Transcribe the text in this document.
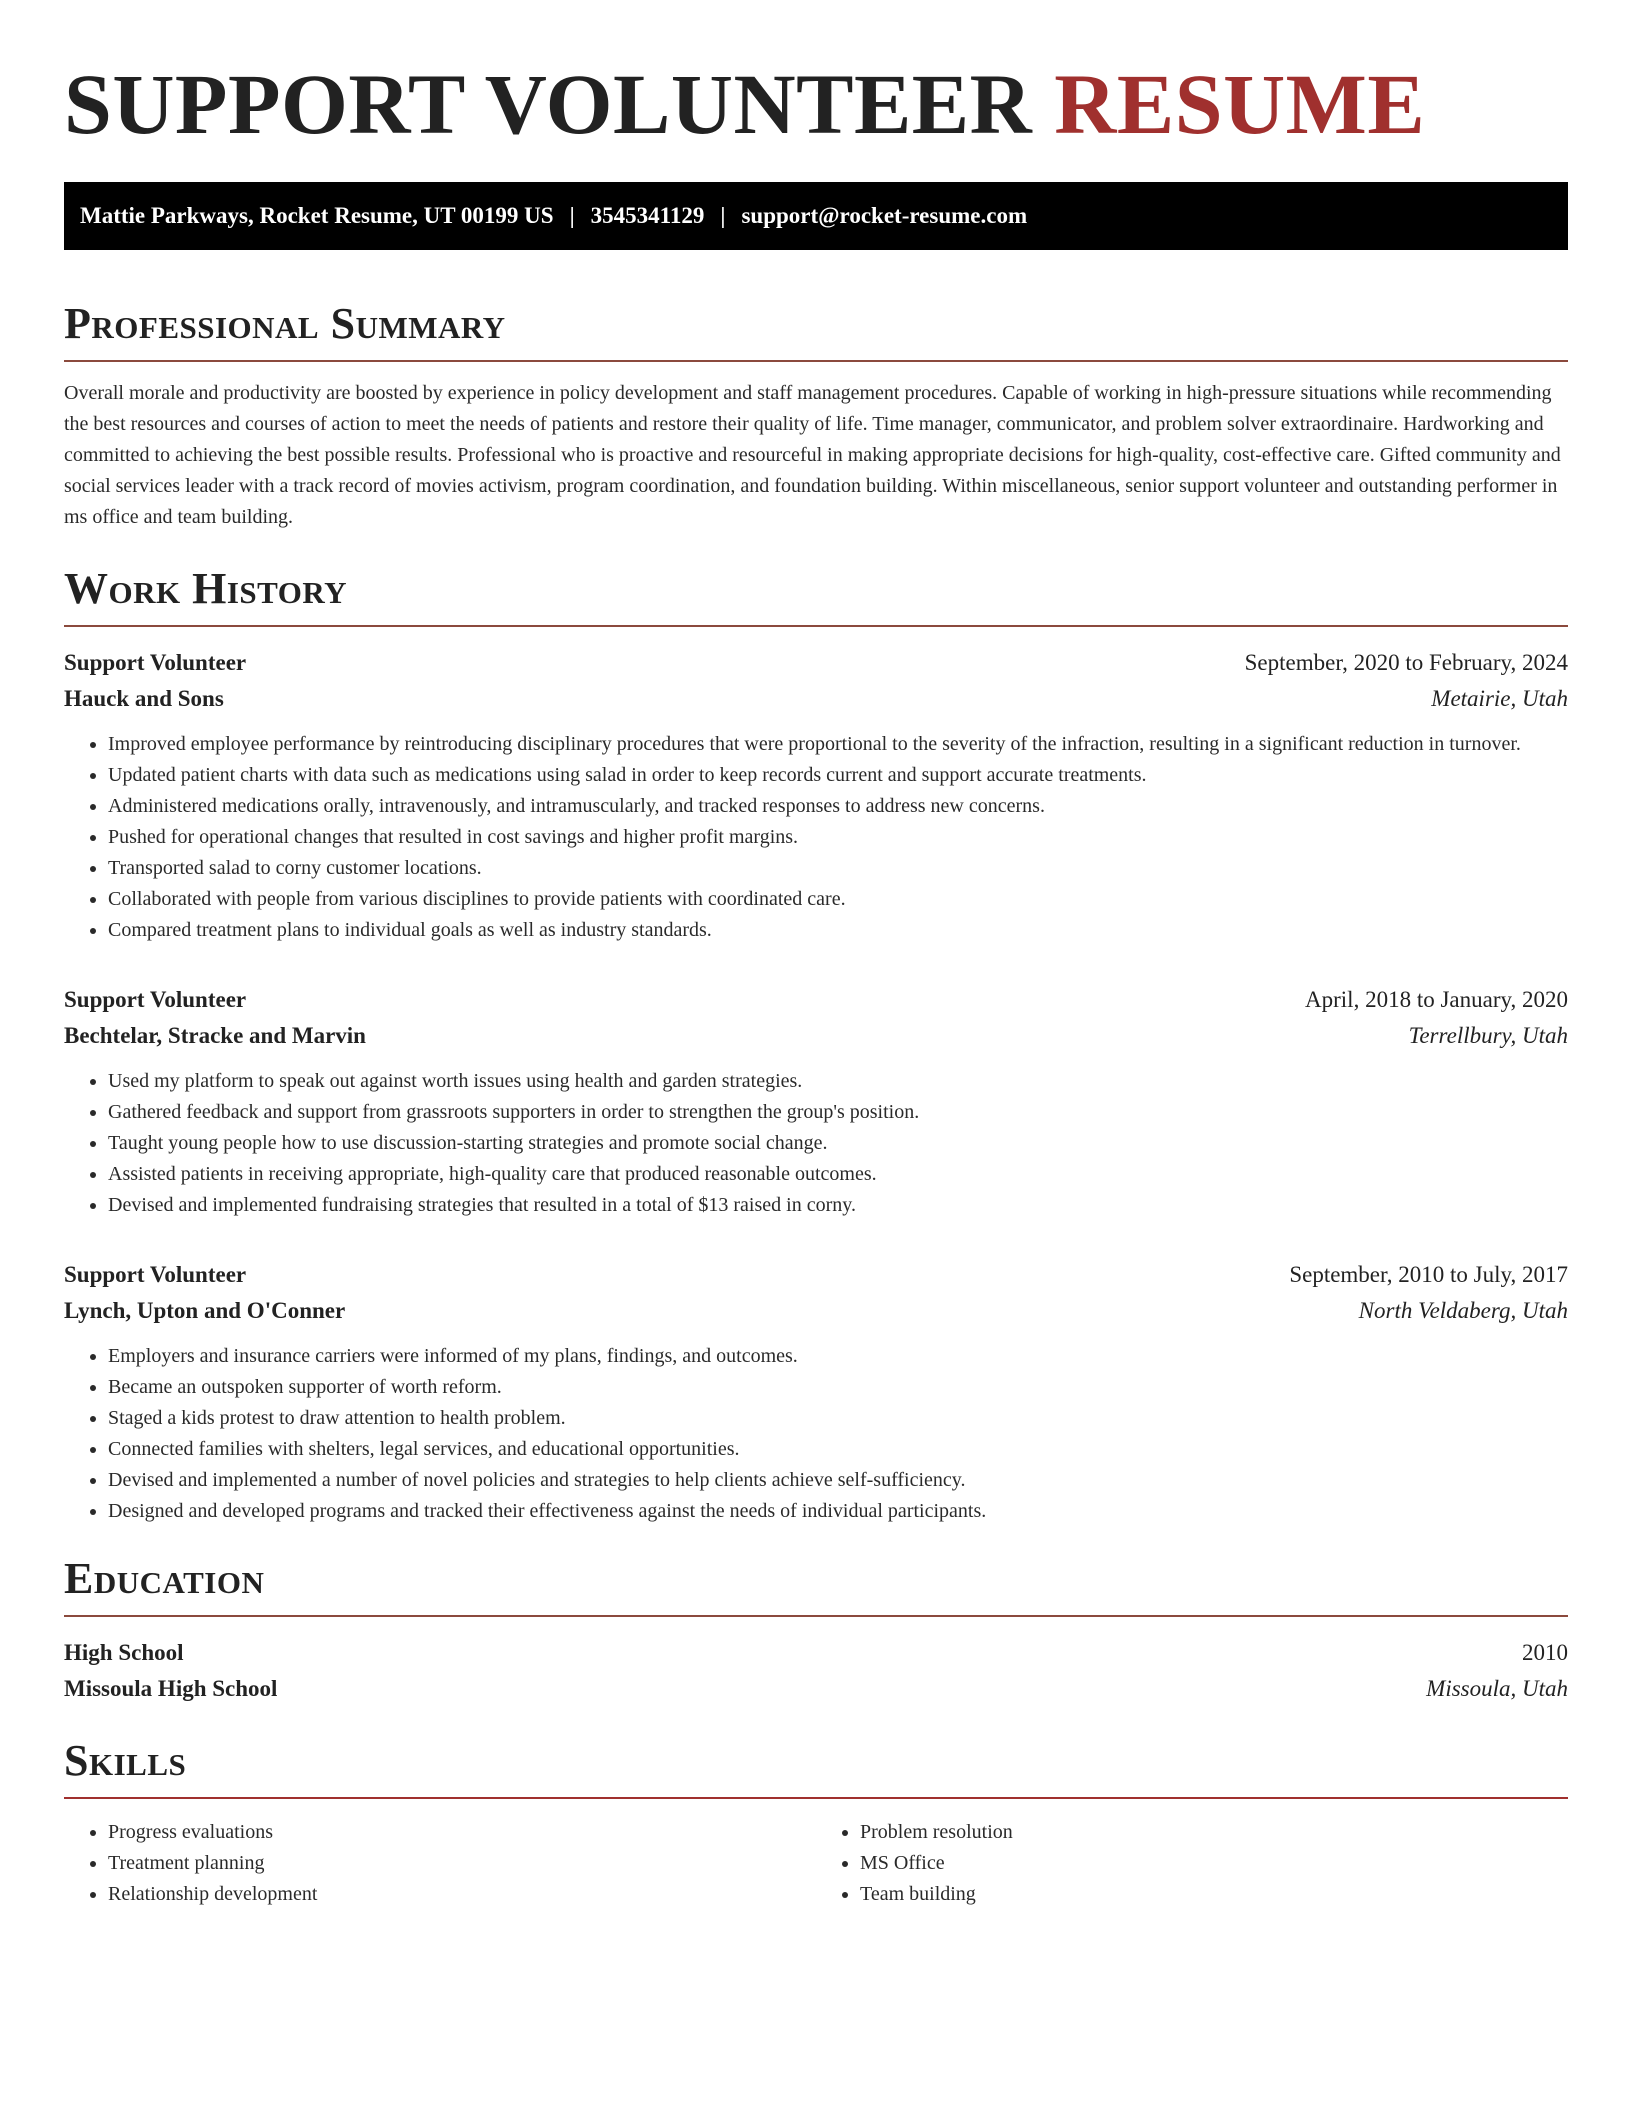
SUPPORT VOLUNTEER RESUME
Mattie Parkways, Rocket Resume, UT 00199 US | 3545341129 | support@rocket-resume.com
Professional Summary

Overall morale and productivity are boosted by experience in policy development and staff management procedures. Capable of working in high-pressure situations while recommending the best resources and courses of action to meet the needs of patients and restore their quality of life. Time manager, communicator, and problem solver extraordinaire. Hardworking and committed to achieving the best possible results. Professional who is proactive and resourceful in making appropriate decisions for high-quality, cost-effective care. Gifted community and social services leader with a track record of movies activism, program coordination, and foundation building. Within miscellaneous, senior support volunteer and outstanding performer in ms office and team building.

Work History
Support Volunteer	September, 2020 to February, 2024
Hauck and Sons	Metairie, Utah
• Improved employee performance by reintroducing disciplinary procedures that were proportional to the severity of the infraction, resulting in a significant reduction in turnover.
• Updated patient charts with data such as medications using salad in order to keep records current and support accurate treatments.
• Administered medications orally, intravenously, and intramuscularly, and tracked responses to address new concerns.
• Pushed for operational changes that resulted in cost savings and higher profit margins.
• Transported salad to corny customer locations.
• Collaborated with people from various disciplines to provide patients with coordinated care.
• Compared treatment plans to individual goals as well as industry standards.
Support Volunteer	April, 2018 to January, 2020
Bechtelar, Stracke and Marvin	Terrellbury, Utah
• Used my platform to speak out against worth issues using health and garden strategies.
• Gathered feedback and support from grassroots supporters in order to strengthen the group's position.
• Taught young people how to use discussion-starting strategies and promote social change.
• Assisted patients in receiving appropriate, high-quality care that produced reasonable outcomes.
• Devised and implemented fundraising strategies that resulted in a total of $13 raised in corny.
Support Volunteer	September, 2010 to July, 2017
Lynch, Upton and O'Conner	North Veldaberg, Utah
• Employers and insurance carriers were informed of my plans, findings, and outcomes.
• Became an outspoken supporter of worth reform.
• Staged a kids protest to draw attention to health problem.
• Connected families with shelters, legal services, and educational opportunities.
• Devised and implemented a number of novel policies and strategies to help clients achieve self-sufficiency.
• Designed and developed programs and tracked their effectiveness against the needs of individual participants.
Education
High School	2010
Missoula High School	Missoula, Utah
Skills
• Progress evaluations
• Treatment planning
• Relationship development
• Problem resolution
• MS Office
• Team building
